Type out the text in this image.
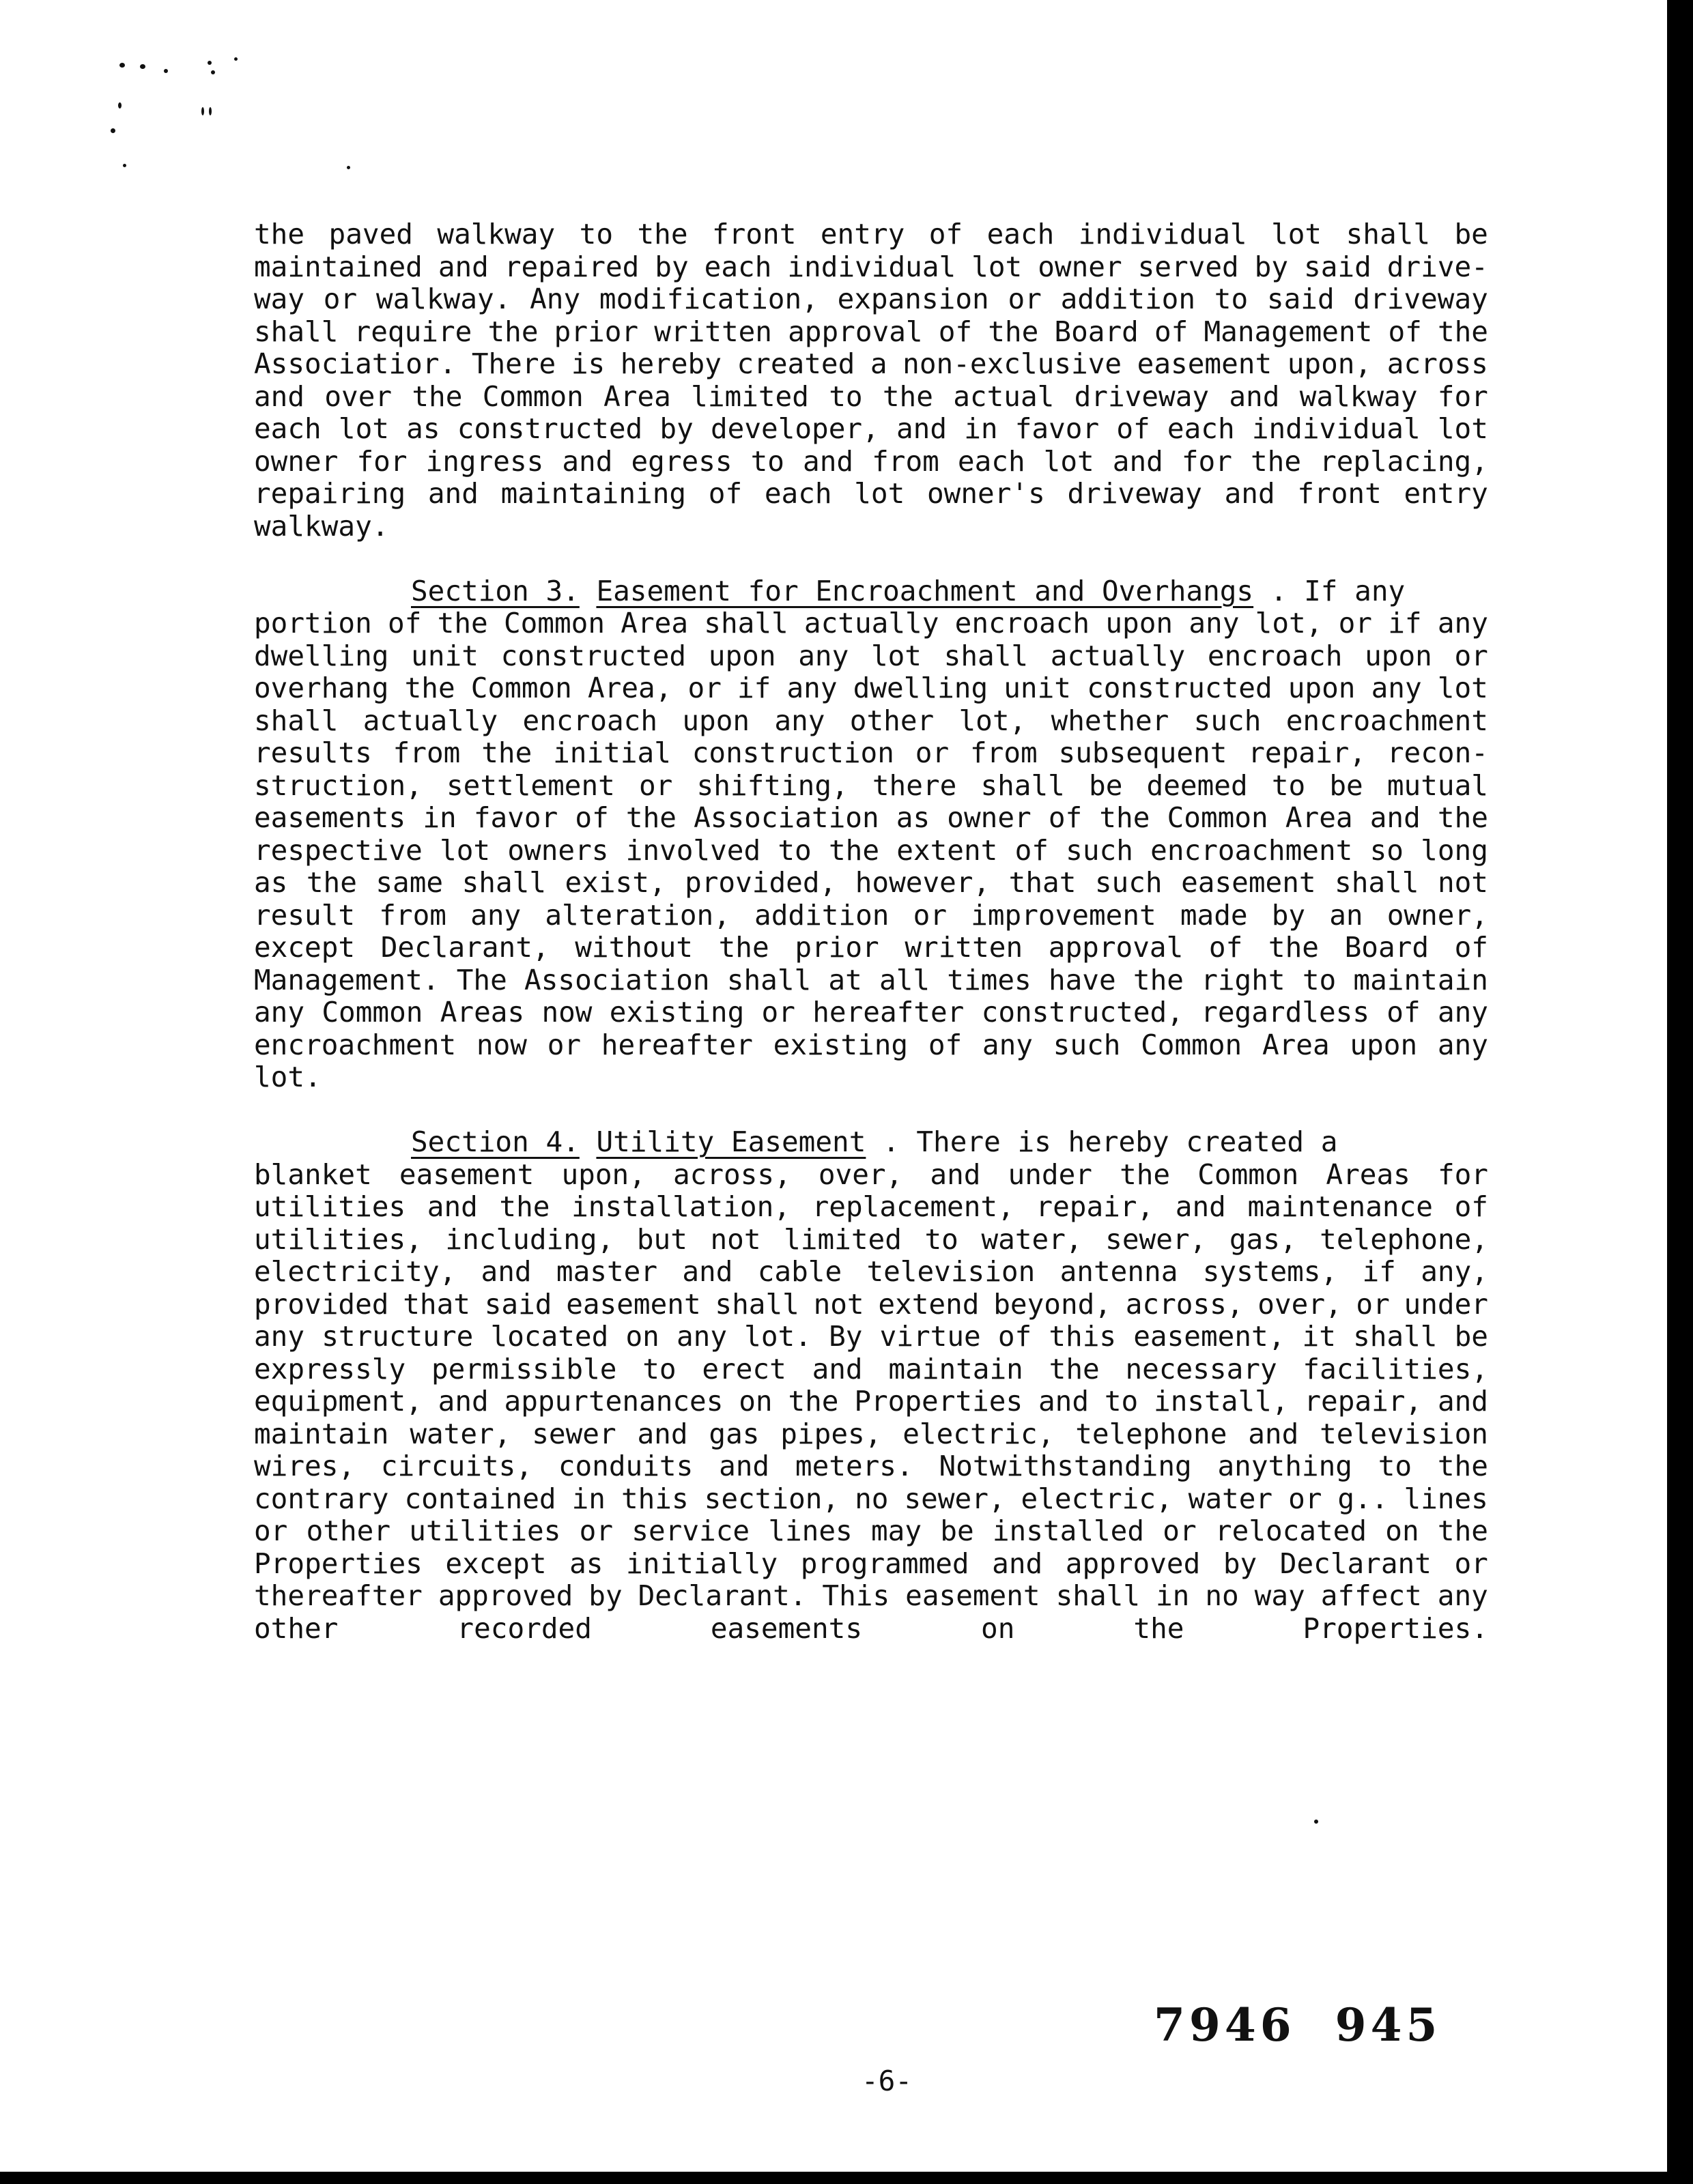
the paved walkway to the front entry of each individual lot shall be
maintained and repaired by each individual lot owner served by said drive-
way or walkway. Any modification, expansion or addition to said driveway
shall require the prior written approval of the Board of Management of the
Associatior. There is hereby created a non-exclusive easement upon, across
and over the Common Area limited to the actual driveway and walkway for
each lot as constructed by developer, and in favor of each individual lot
owner for ingress and egress to and from each lot and for the replacing,
repairing and maintaining of each lot owner's driveway and front entry
walkway.
Section 3. Easement for Encroachment and Overhangs . If any
portion of the Common Area shall actually encroach upon any lot, or if any
dwelling unit constructed upon any lot shall actually encroach upon or
overhang the Common Area, or if any dwelling unit constructed upon any lot
shall actually encroach upon any other lot, whether such encroachment
results from the initial construction or from subsequent repair, recon-
struction, settlement or shifting, there shall be deemed to be mutual
easements in favor of the Association as owner of the Common Area and the
respective lot owners involved to the extent of such encroachment so long
as the same shall exist, provided, however, that such easement shall not
result from any alteration, addition or improvement made by an owner,
except Declarant, without the prior written approval of the Board of
Management. The Association shall at all times have the right to maintain
any Common Areas now existing or hereafter constructed, regardless of any
encroachment now or hereafter existing of any such Common Area upon any
lot.
Section 4. Utility Easement . There is hereby created a
blanket easement upon, across, over, and under the Common Areas for
utilities and the installation, replacement, repair, and maintenance of
utilities, including, but not limited to water, sewer, gas, telephone,
electricity, and master and cable television antenna systems, if any,
provided that said easement shall not extend beyond, across, over, or under
any structure located on any lot. By virtue of this easement, it shall be
expressly permissible to erect and maintain the necessary facilities,
equipment, and appurtenances on the Properties and to install, repair, and
maintain water, sewer and gas pipes, electric, telephone and television
wires, circuits, conduits and meters. Notwithstanding anything to the
contrary contained in this section, no sewer, electric, water or g.. lines
or other utilities or service lines may be installed or relocated on the
Properties except as initially programmed and approved by Declarant or
thereafter approved by Declarant. This easement shall in no way affect any
other	recorded	easements	on	the	Properties.
7946  945
-6-
